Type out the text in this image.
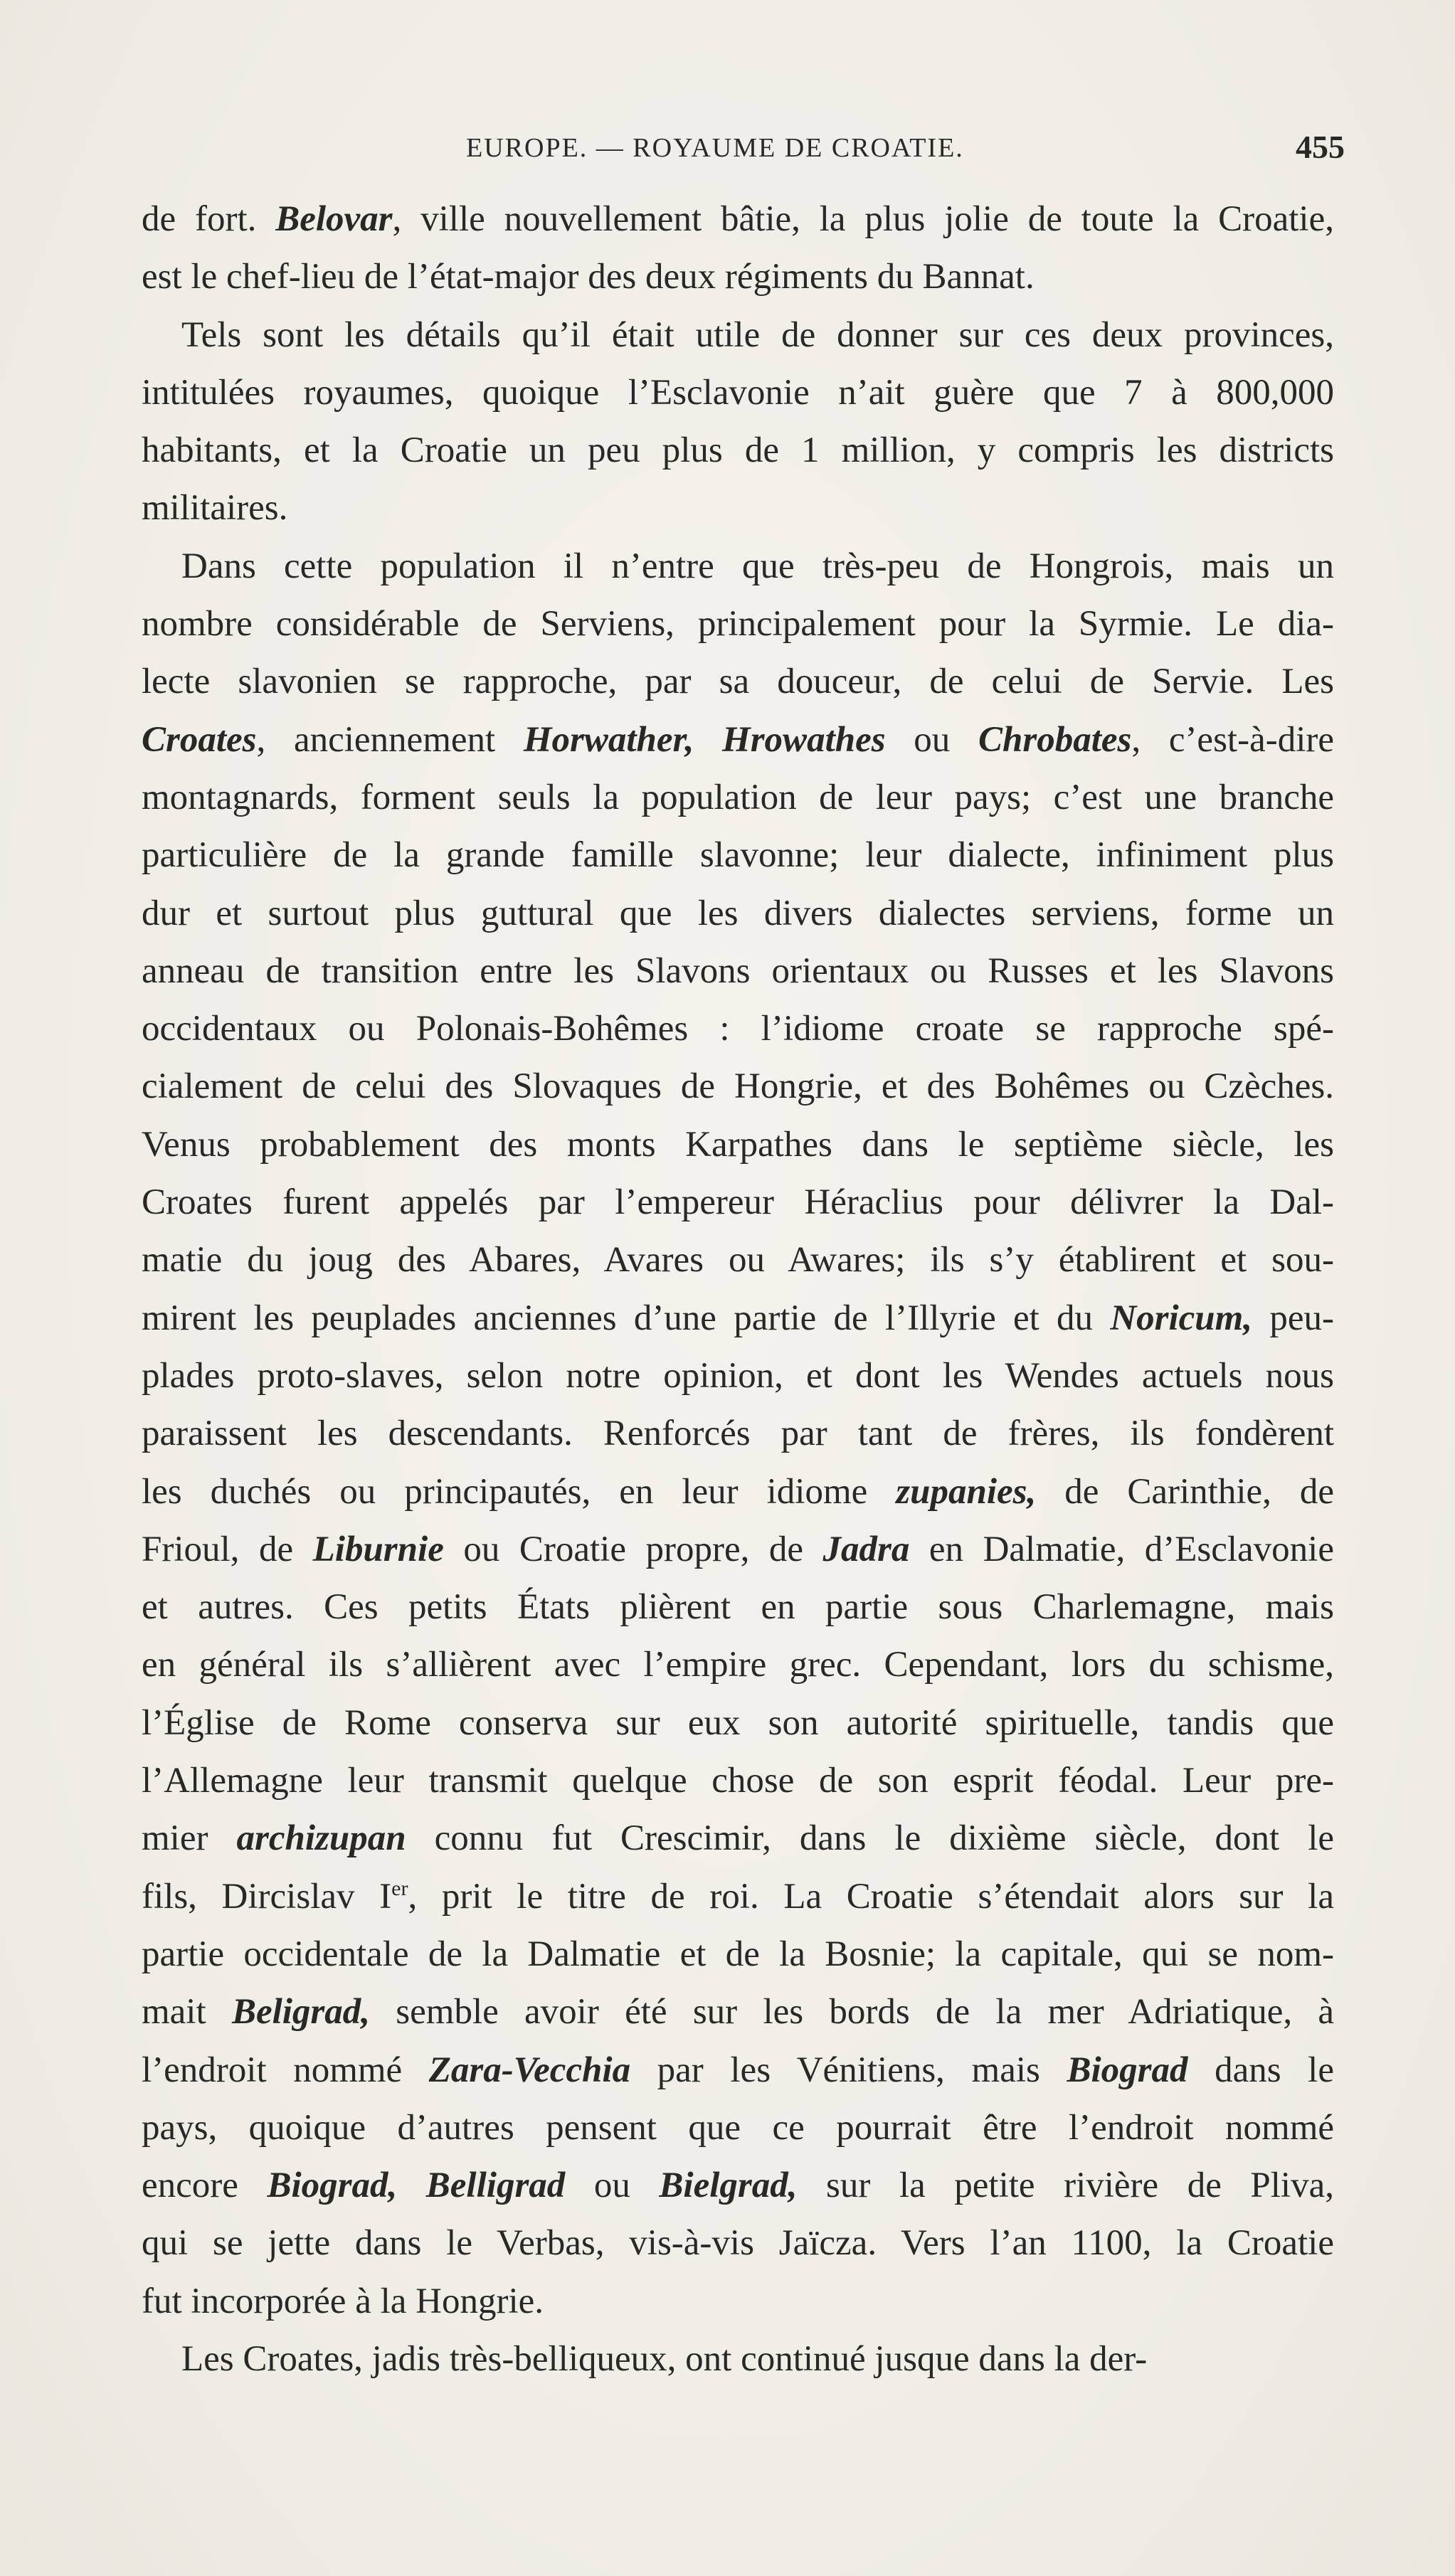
EUROPE. — ROYAUME DE CROATIE.	455
de fort. Belovar, ville nouvellement bâtie, la plus jolie de toute la Croatie,
est le chef-lieu de l’état-major des deux régiments du Bannat.
Tels sont les détails qu’il était utile de donner sur ces deux provinces,
intitulées royaumes, quoique l’Esclavonie n’ait guère que 7 à 800,000
habitants, et la Croatie un peu plus de 1 million, y compris les districts
militaires.
Dans cette population il n’entre que très-peu de Hongrois, mais un
nombre considérable de Serviens, principalement pour la Syrmie. Le dia-
lecte slavonien se rapproche, par sa douceur, de celui de Servie. Les
Croates, anciennement Horwather, Hrowathes ou Chrobates, c’est-à-dire
montagnards, forment seuls la population de leur pays; c’est une branche
particulière de la grande famille slavonne; leur dialecte, infiniment plus
dur et surtout plus guttural que les divers dialectes serviens, forme un
anneau de transition entre les Slavons orientaux ou Russes et les Slavons
occidentaux ou Polonais-Bohêmes : l’idiome croate se rapproche spé-
cialement de celui des Slovaques de Hongrie, et des Bohêmes ou Czèches.
Venus probablement des monts Karpathes dans le septième siècle, les
Croates furent appelés par l’empereur Héraclius pour délivrer la Dal-
matie du joug des Abares, Avares ou Awares; ils s’y établirent et sou-
mirent les peuplades anciennes d’une partie de l’Illyrie et du Noricum, peu-
plades proto-slaves, selon notre opinion, et dont les Wendes actuels nous
paraissent les descendants. Renforcés par tant de frères, ils fondèrent
les duchés ou principautés, en leur idiome zupanies, de Carinthie, de
Frioul, de Liburnie ou Croatie propre, de Jadra en Dalmatie, d’Esclavonie
et autres. Ces petits États plièrent en partie sous Charlemagne, mais
en général ils s’allièrent avec l’empire grec. Cependant, lors du schisme,
l’Église de Rome conserva sur eux son autorité spirituelle, tandis que
l’Allemagne leur transmit quelque chose de son esprit féodal. Leur pre-
mier archizupan connu fut Crescimir, dans le dixième siècle, dont le
fils, Dircislav Ier, prit le titre de roi. La Croatie s’étendait alors sur la
partie occidentale de la Dalmatie et de la Bosnie; la capitale, qui se nom-
mait Beligrad, semble avoir été sur les bords de la mer Adriatique, à
l’endroit nommé Zara-Vecchia par les Vénitiens, mais Biograd dans le
pays, quoique d’autres pensent que ce pourrait être l’endroit nommé
encore Biograd, Belligrad ou Bielgrad, sur la petite rivière de Pliva,
qui se jette dans le Verbas, vis-à-vis Jaïcza. Vers l’an 1100, la Croatie
fut incorporée à la Hongrie.
Les Croates, jadis très-belliqueux, ont continué jusque dans la der-
